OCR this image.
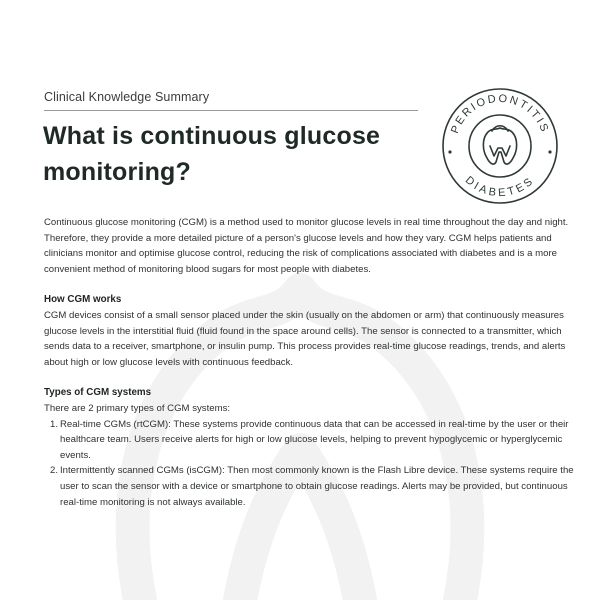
Clinical Knowledge Summary
What is continuous glucose monitoring?
PERIODONTITIS
DIABETES

Continuous glucose monitoring (CGM) is a method used to monitor glucose levels in real time throughout the day and night. Therefore, they provide a more detailed picture of a person's glucose levels and how they vary. CGM helps patients and clinicians monitor and optimise glucose control, reducing the risk of complications associated with diabetes and is a more convenient method of monitoring blood sugars for most people with diabetes.

How CGM works

CGM devices consist of a small sensor placed under the skin (usually on the abdomen or arm) that continuously measures glucose levels in the interstitial fluid (fluid found in the space around cells). The sensor is connected to a transmitter, which sends data to a receiver, smartphone, or insulin pump. This process provides real-time glucose readings, trends, and alerts about high or low glucose levels with continuous feedback.

Types of CGM systems

There are 2 primary types of CGM systems:

1. Real-time CGMs (rtCGM): These systems provide continuous data that can be accessed in real-time by the user or their healthcare team. Users receive alerts for high or low glucose levels, helping to prevent hypoglycemic or hyperglycemic events.
2. Intermittently scanned CGMs (isCGM): Then most commonly known is the Flash Libre device. These systems require the user to scan the sensor with a device or smartphone to obtain glucose readings. Alerts may be provided, but continuous real-time monitoring is not always available.
